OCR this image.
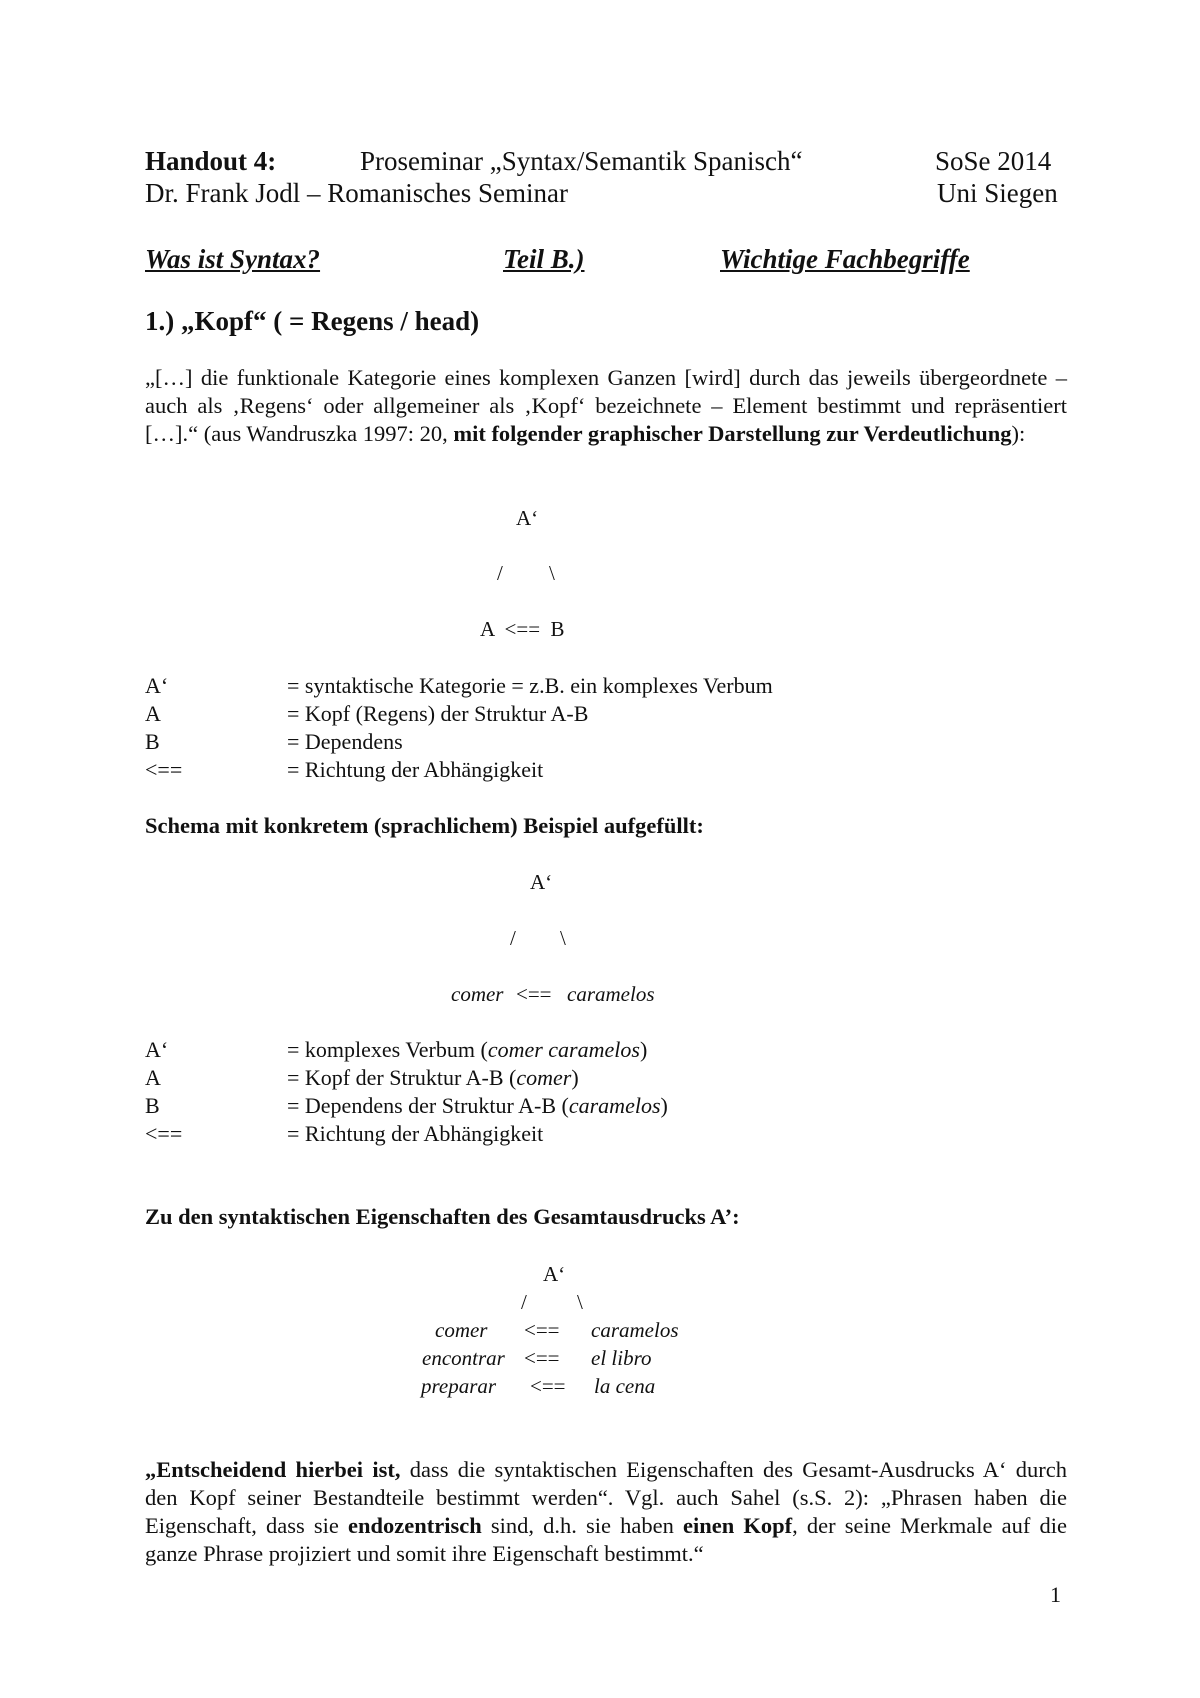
Handout 4:	Proseminar „Syntax/Semantik Spanisch“	SoSe 2014
Dr. Frank Jodl – Romanisches Seminar	Uni Siegen
Was ist Syntax?	Teil B.)	Wichtige Fachbegriffe
1.) „Kopf“ ( = Regens / head)
„[…] die funktionale Kategorie eines komplexen Ganzen [wird] durch das jeweils übergeordnete – auch als ‚Regens‘ oder allgemeiner als ‚Kopf‘ bezeichnete – Element bestimmt und repräsentiert […].“ (aus Wandruszka 1997: 20, mit folgender graphischer Darstellung zur Verdeutlichung):
A‘
/ \
A  <==  B
A‘	= syntaktische Kategorie = z.B. ein komplexes Verbum
A	= Kopf (Regens) der Struktur A-B
B	= Dependens
<==	= Richtung der Abhängigkeit
Schema mit konkretem (sprachlichem) Beispiel aufgefüllt:
A‘
/ \
comer <== caramelos
A‘	= komplexes Verbum (comer caramelos)
A	= Kopf der Struktur A-B (comer)
B	= Dependens der Struktur A-B (caramelos)
<==	= Richtung der Abhängigkeit
Zu den syntaktischen Eigenschaften des Gesamtausdrucks A’:
A‘
/ \
comer <== caramelos
encontrar <== el libro
preparar <== la cena
„Entscheidend hierbei ist, dass die syntaktischen Eigenschaften des Gesamt-Ausdrucks A‘ durch den Kopf seiner Bestandteile bestimmt werden“. Vgl. auch Sahel (s.S. 2): „Phrasen haben die Eigenschaft, dass sie endozentrisch sind, d.h. sie haben einen Kopf, der seine Merkmale auf die ganze Phrase projiziert und somit ihre Eigenschaft bestimmt.“
1
